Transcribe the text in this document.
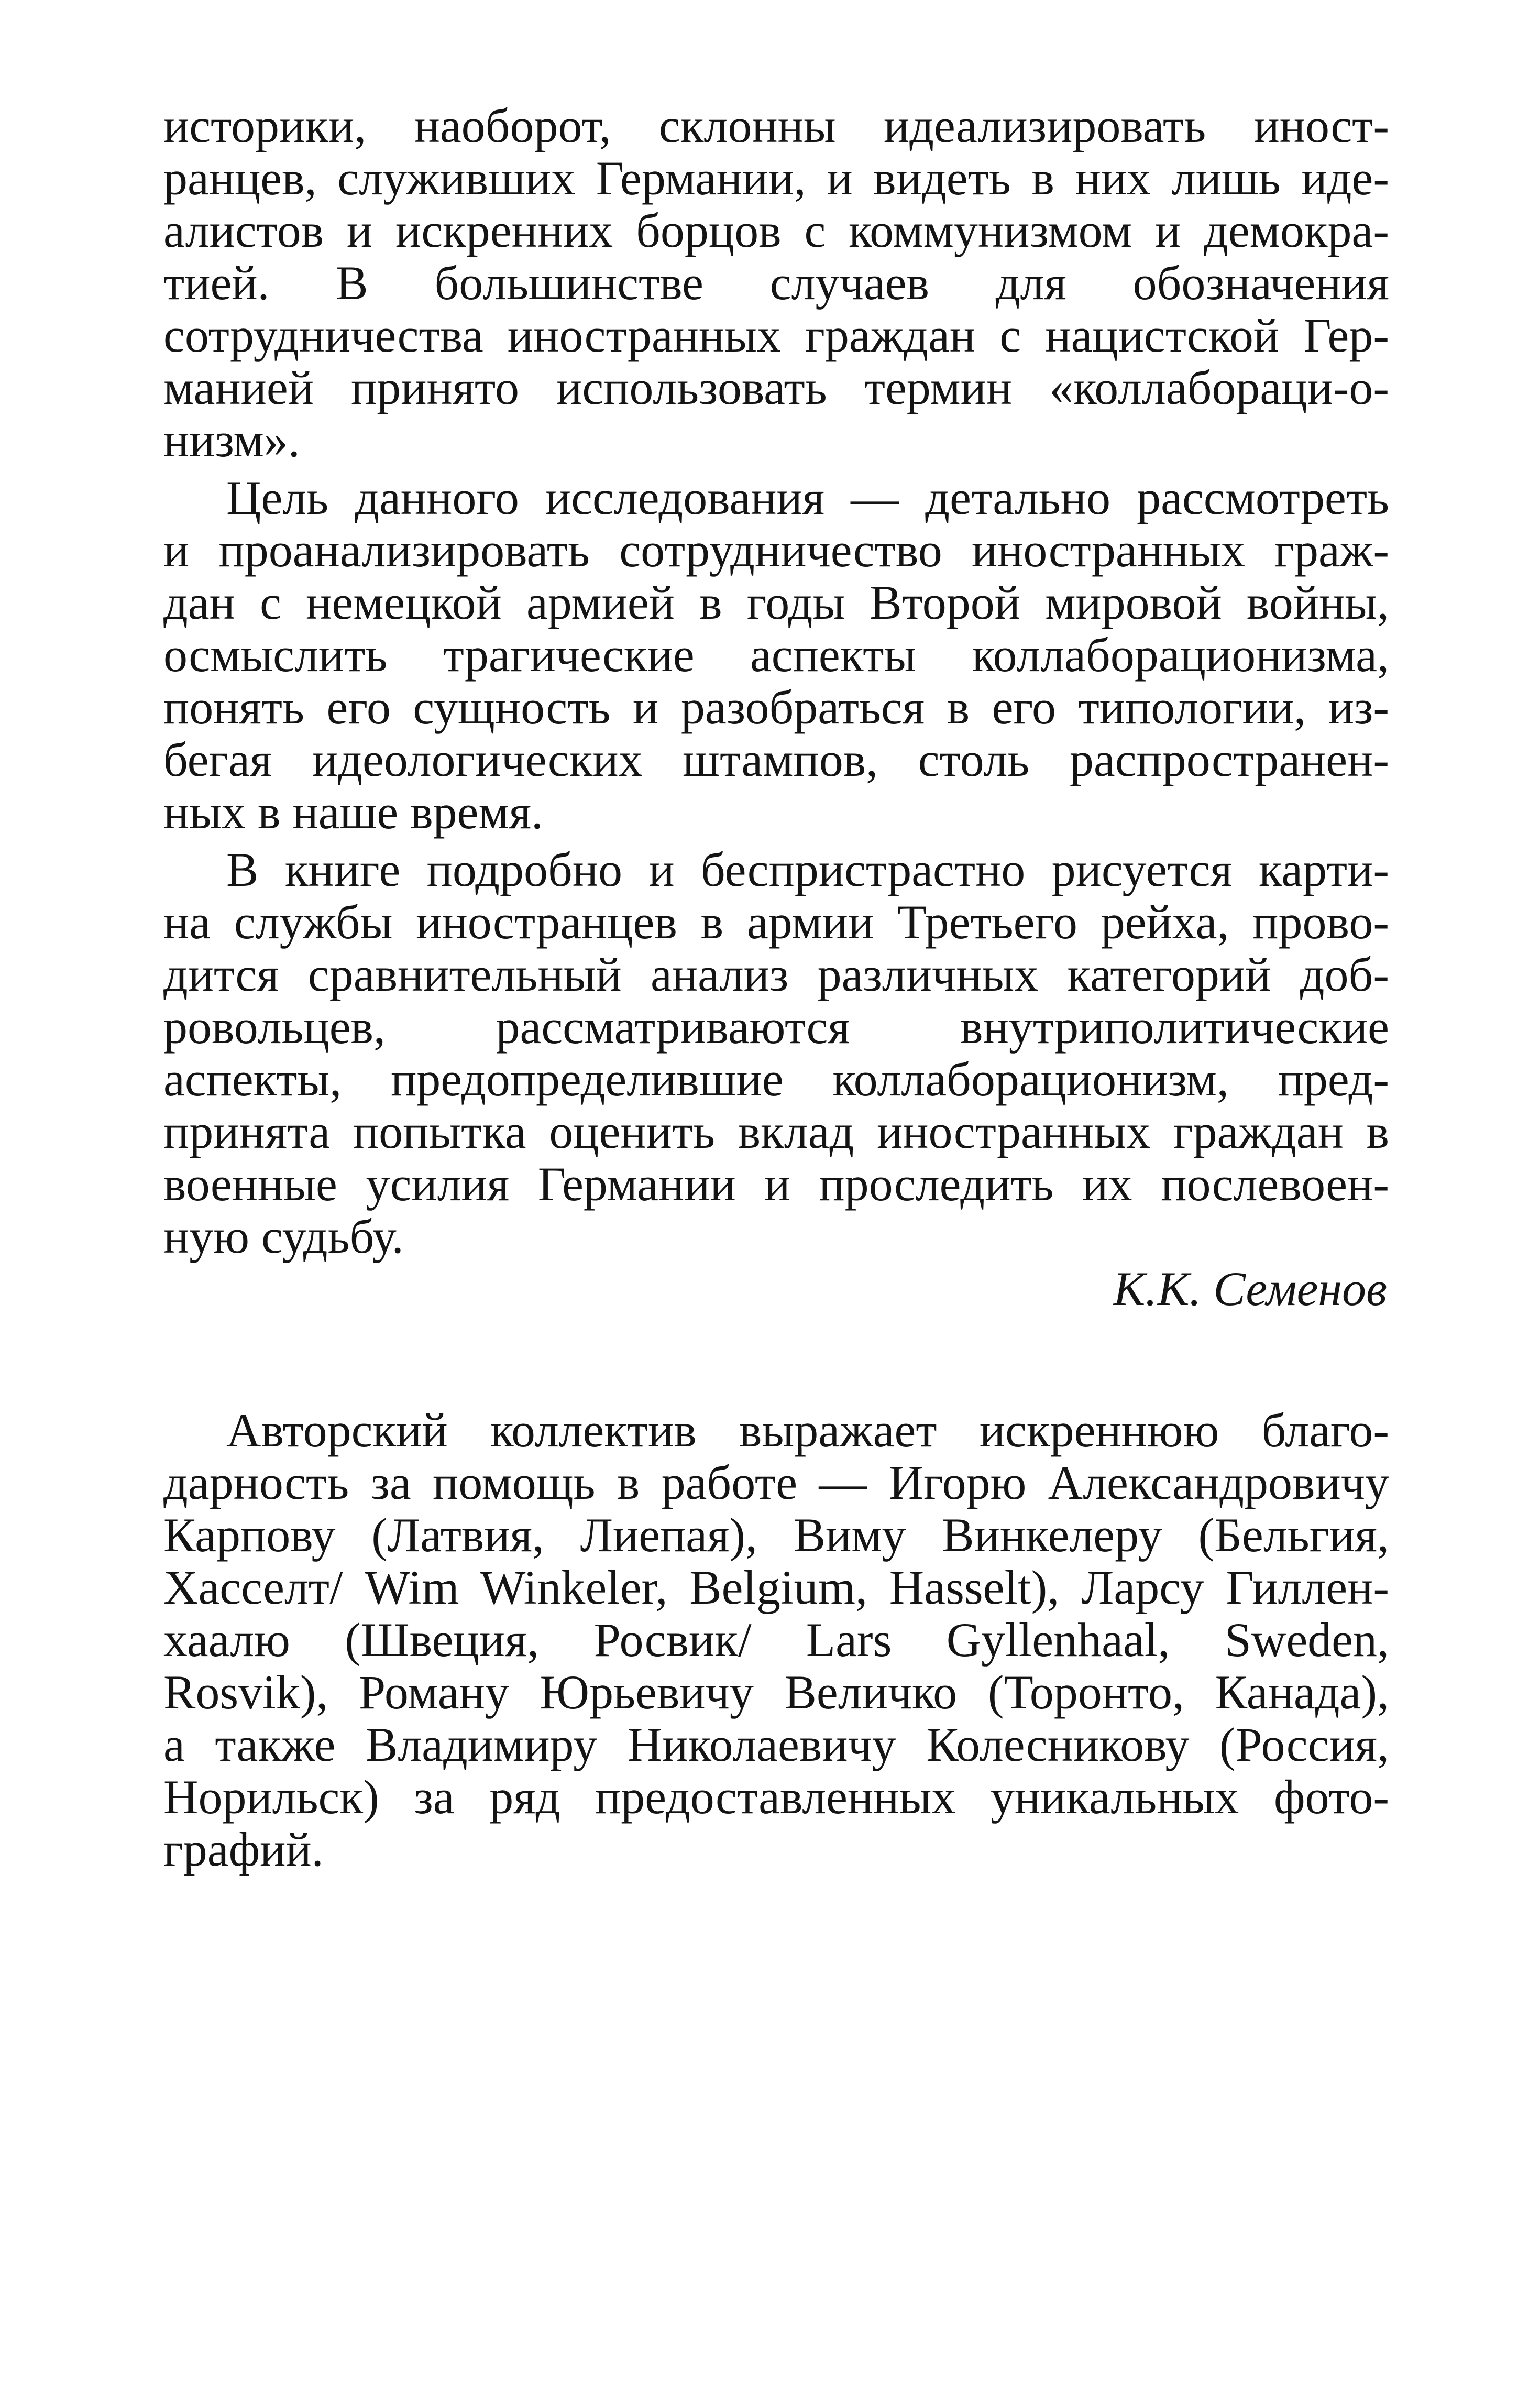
историки, наоборот, склонны идеализировать иност-
ранцев, служивших Германии, и видеть в них лишь иде-
алистов и искренних борцов с коммунизмом и демокра-
тией. В большинстве случаев для обозначения
сотрудничества иностранных граждан с нацистской Гер-
манией принято использовать термин «коллабораци-о-
низм».
Цель данного исследования — детально рассмотреть
и проанализировать сотрудничество иностранных граж-
дан с немецкой армией в годы Второй мировой войны,
осмыслить трагические аспекты коллаборационизма,
понять его сущность и разобраться в его типологии, из-
бегая идеологических штампов, столь распространен-
ных в наше время.
В книге подробно и беспристрастно рисуется карти-
на службы иностранцев в армии Третьего рейха, прово-
дится сравнительный анализ различных категорий доб-
ровольцев, рассматриваются внутриполитические
аспекты, предопределившие коллаборационизм, пред-
принята попытка оценить вклад иностранных граждан в
военные усилия Германии и проследить их послевоен-
ную судьбу.

К.К. Семенов

Авторский коллектив выражает искреннюю благо-
дарность за помощь в работе — Игорю Александровичу
Карпову (Латвия, Лиепая), Виму Винкелеру (Бельгия,
Хасселт/ Wim Winkeler, Belgium, Hasselt), Ларсу Гиллен-
хаалю (Швеция, Росвик/ Lars Gyllenhaal, Sweden,
Rosvik), Роману Юрьевичу Величко (Торонто, Канада),
а также Владимиру Николаевичу Колесникову (Россия,
Норильск) за ряд предоставленных уникальных фото-
графий.
